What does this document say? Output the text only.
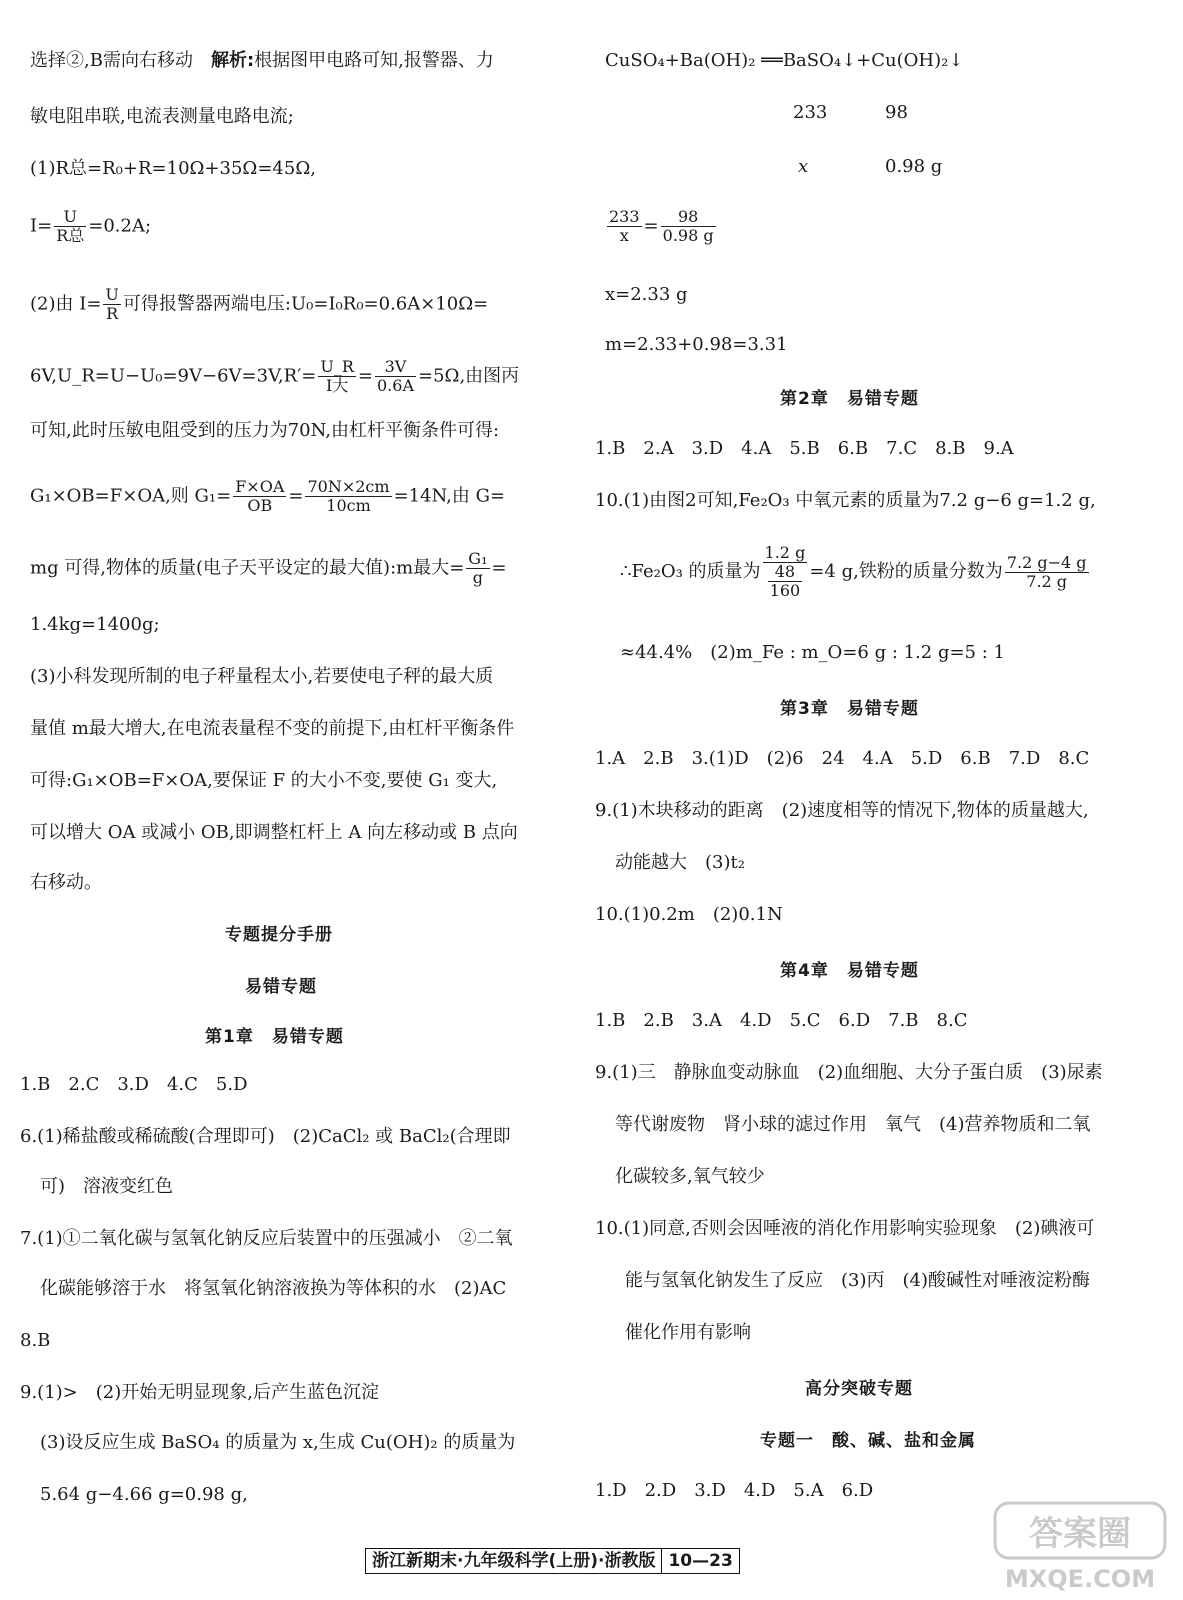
选择②,B需向右移动　 解析:根据图甲电路可知,报警器、力
敏电阻串联,电流表测量电路电流;
(1)R总=R₀+R=10Ω+35Ω=45Ω,
$I= \frac{U}{\text{R总}} =0.2A$;
(2)由 $I= \frac{U}{R}$ 可得报警器两端电压:U₀=I₀R₀=0.6A×10Ω=
6V,U_R=U−U₀=9V−6V=3V,R′= $\frac{U\_R}{\text{I大}} = \frac{3V}{0.6A} =5\Omega$,由图丙
可知,此时压敏电阻受到的压力为70N,由杠杆平衡条件可得:
G₁×OB=F×OA,则 $G_1= \frac{F\times OA}{OB} = \frac{70N\times 2cm}{10cm} =14N$,由 G=
mg 可得,物体的质量(电子天平设定的最大值):m最大= $\frac{\text{G₁}}{g}$ =
1.4kg=1400g;
(3)小科发现所制的电子秤量程太小,若要使电子秤的最大质
量值 m最大增大,在电流表量程不变的前提下,由杠杆平衡条件
可得:G₁×OB=F×OA,要保证 F 的大小不变,要使 G₁ 变大,
可以增大 OA 或减小 OB,即调整杠杆上 A 向左移动或 B 点向
右移动。
专题提分手册
易错专题
第1章　易错专题
1.B　2.C　3.D　4.C　5.D
6.(1)稀盐酸或稀硫酸(合理即可)　(2)CaCl₂ 或 BaCl₂(合理即
可)　溶液变红色
7.(1)①二氧化碳与氢氧化钠反应后装置中的压强减小　②二氧
化碳能够溶于水　将氢氧化钠溶液换为等体积的水　(2)AC
8.B
9.(1)>　(2)开始无明显现象,后产生蓝色沉淀
(3)设反应生成 BaSO₄ 的质量为 x,生成 Cu(OH)₂ 的质量为
5.64 g−4.66 g=0.98 g,
CuSO₄+Ba(OH)₂ ══BaSO₄↓+Cu(OH)₂↓
233	98
x	0.98 g
$\frac{233}{x} = \frac{98}{0.98 g}$
x=2.33 g
m=2.33+0.98=3.31
第2章　易错专题
1.B　2.A　3.D　4.A　5.B　6.B　7.C　8.B　9.A
10.(1)由图2可知,Fe₂O₃ 中氧元素的质量为7.2 g−6 g=1.2 g,
∴Fe₂O₃ 的质量为 $\frac{1.2 g}{\frac{48}{160}} =4$ g,铁粉的质量分数为 $\frac{7.2 g-4 g}{7.2 g}$
≈44.4%　(2)m_Fe : m_O=6 g : 1.2 g=5 : 1
第3章　易错专题
1.A　2.B　3.(1)D　(2)6　24　4.A　5.D　6.B　7.D　8.C
9.(1)木块移动的距离　(2)速度相等的情况下,物体的质量越大,
动能越大　(3)t₂
10.(1)0.2m　(2)0.1N
第4章　易错专题
1.B　2.B　3.A　4.D　5.C　6.D　7.B　8.C
9.(1)三　静脉血变动脉血　(2)血细胞、大分子蛋白质　(3)尿素
等代谢废物　肾小球的滤过作用　氧气　(4)营养物质和二氧
化碳较多,氧气较少
10.(1)同意,否则会因唾液的消化作用影响实验现象　(2)碘液可
能与氢氧化钠发生了反应　(3)丙　(4)酸碱性对唾液淀粉酶
催化作用有影响
高分突破专题
专题一　酸、碱、盐和金属
1.D　2.D　3.D　4.D　5.A　6.D
浙江新期末·九年级科学(上册)·浙教版 10—23
答案圈
MXQE.COM
